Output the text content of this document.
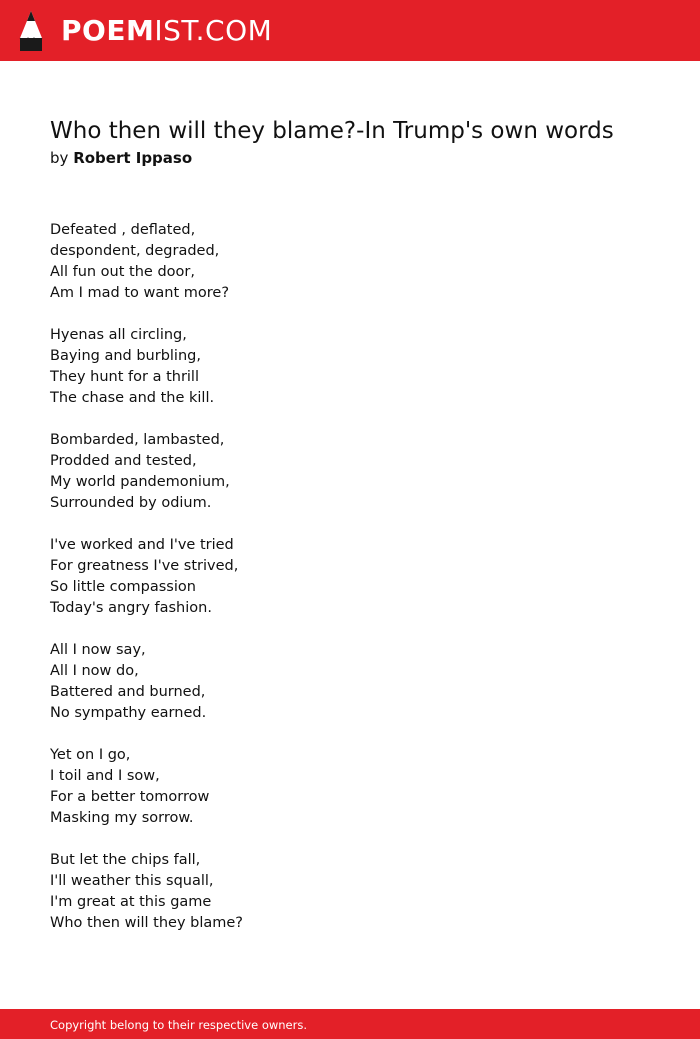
POEMIST.COM
Who then will they blame?-In Trump's own words
by Robert Ippaso
Defeated , deflated,
despondent, degraded,
All fun out the door,
Am I mad to want more?
Hyenas all circling,
Baying and burbling,
They hunt for a thrill
The chase and the kill.
Bombarded, lambasted,
Prodded and tested,
My world pandemonium,
Surrounded by odium.
I've worked and I've tried
For greatness I've strived,
So little compassion
Today's angry fashion.
All I now say,
All I now do,
Battered and burned,
No sympathy earned.
Yet on I go,
I toil and I sow,
For a better tomorrow
Masking my sorrow.
But let the chips fall,
I'll weather this squall,
I'm great at this game
Who then will they blame?
Copyright belong to their respective owners.
